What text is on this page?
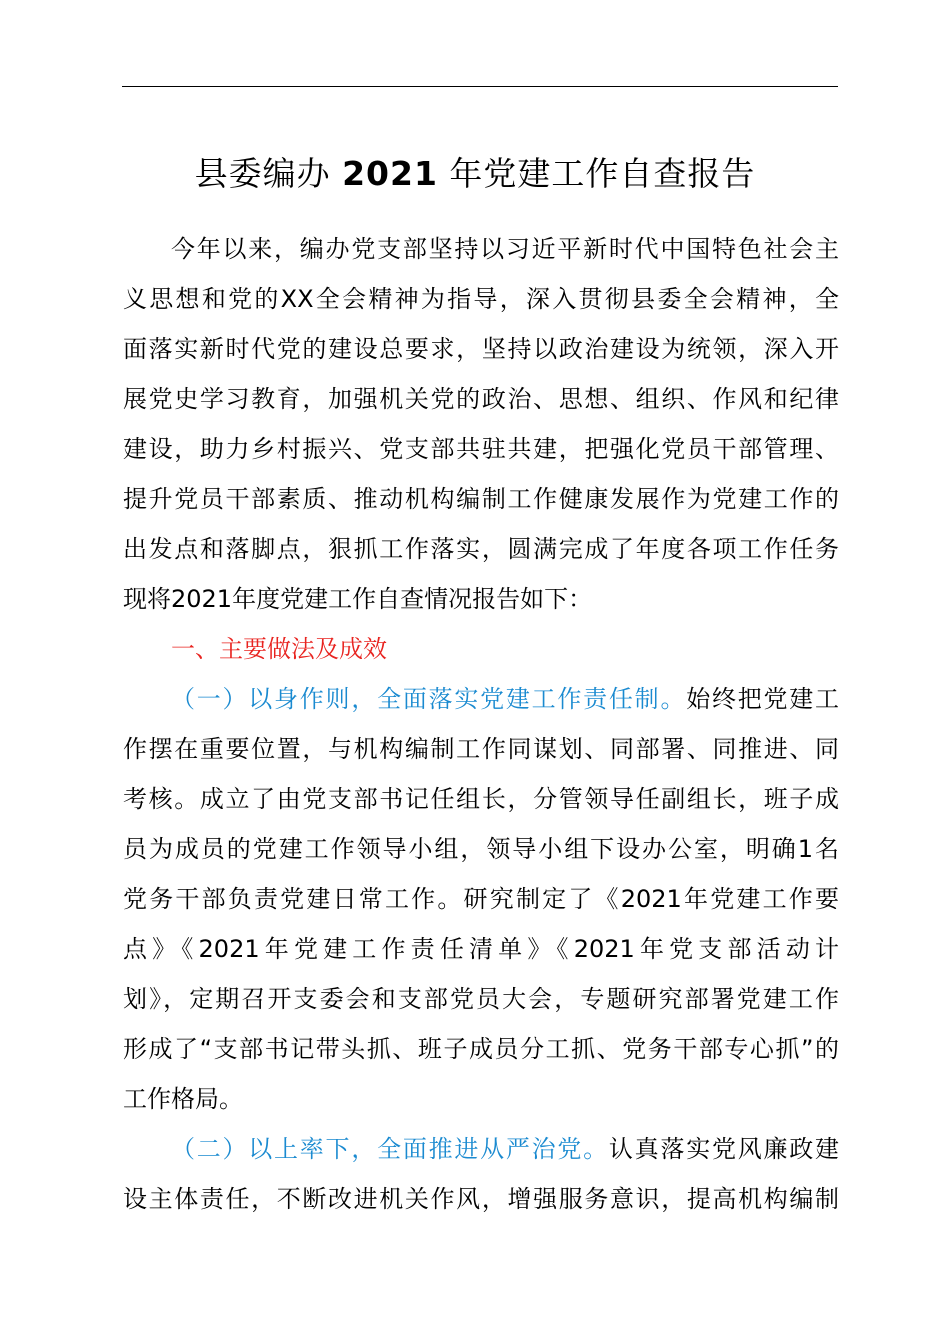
县委编办 2021 年党建工作自查报告
今年以来，编办党支部坚持以习近平新时代中国特色社会主
义思想和党的XX全会精神为指导，深入贯彻县委全会精神，全
面落实新时代党的建设总要求，坚持以政治建设为统领，深入开
展党史学习教育，加强机关党的政治、思想、组织、作风和纪律
建设，助力乡村振兴、党支部共驻共建，把强化党员干部管理、
提升党员干部素质、推动机构编制工作健康发展作为党建工作的
出发点和落脚点，狠抓工作落实，圆满完成了年度各项工作任务
现将2021年度党建工作自查情况报告如下：
一、主要做法及成效
（一）以身作则，全面落实党建工作责任制。始终把党建工
作摆在重要位置，与机构编制工作同谋划、同部署、同推进、同
考核。成立了由党支部书记任组长，分管领导任副组长，班子成
员为成员的党建工作领导小组，领导小组下设办公室，明确1名
党务干部负责党建日常工作。研究制定了《2021年党建工作要
点》《2021年党建工作责任清单》《2021年党支部活动计
划》，定期召开支委会和支部党员大会，专题研究部署党建工作
形成了“支部书记带头抓、班子成员分工抓、党务干部专心抓”的
工作格局。
（二）以上率下，全面推进从严治党。认真落实党风廉政建
设主体责任，不断改进机关作风，增强服务意识，提高机构编制
